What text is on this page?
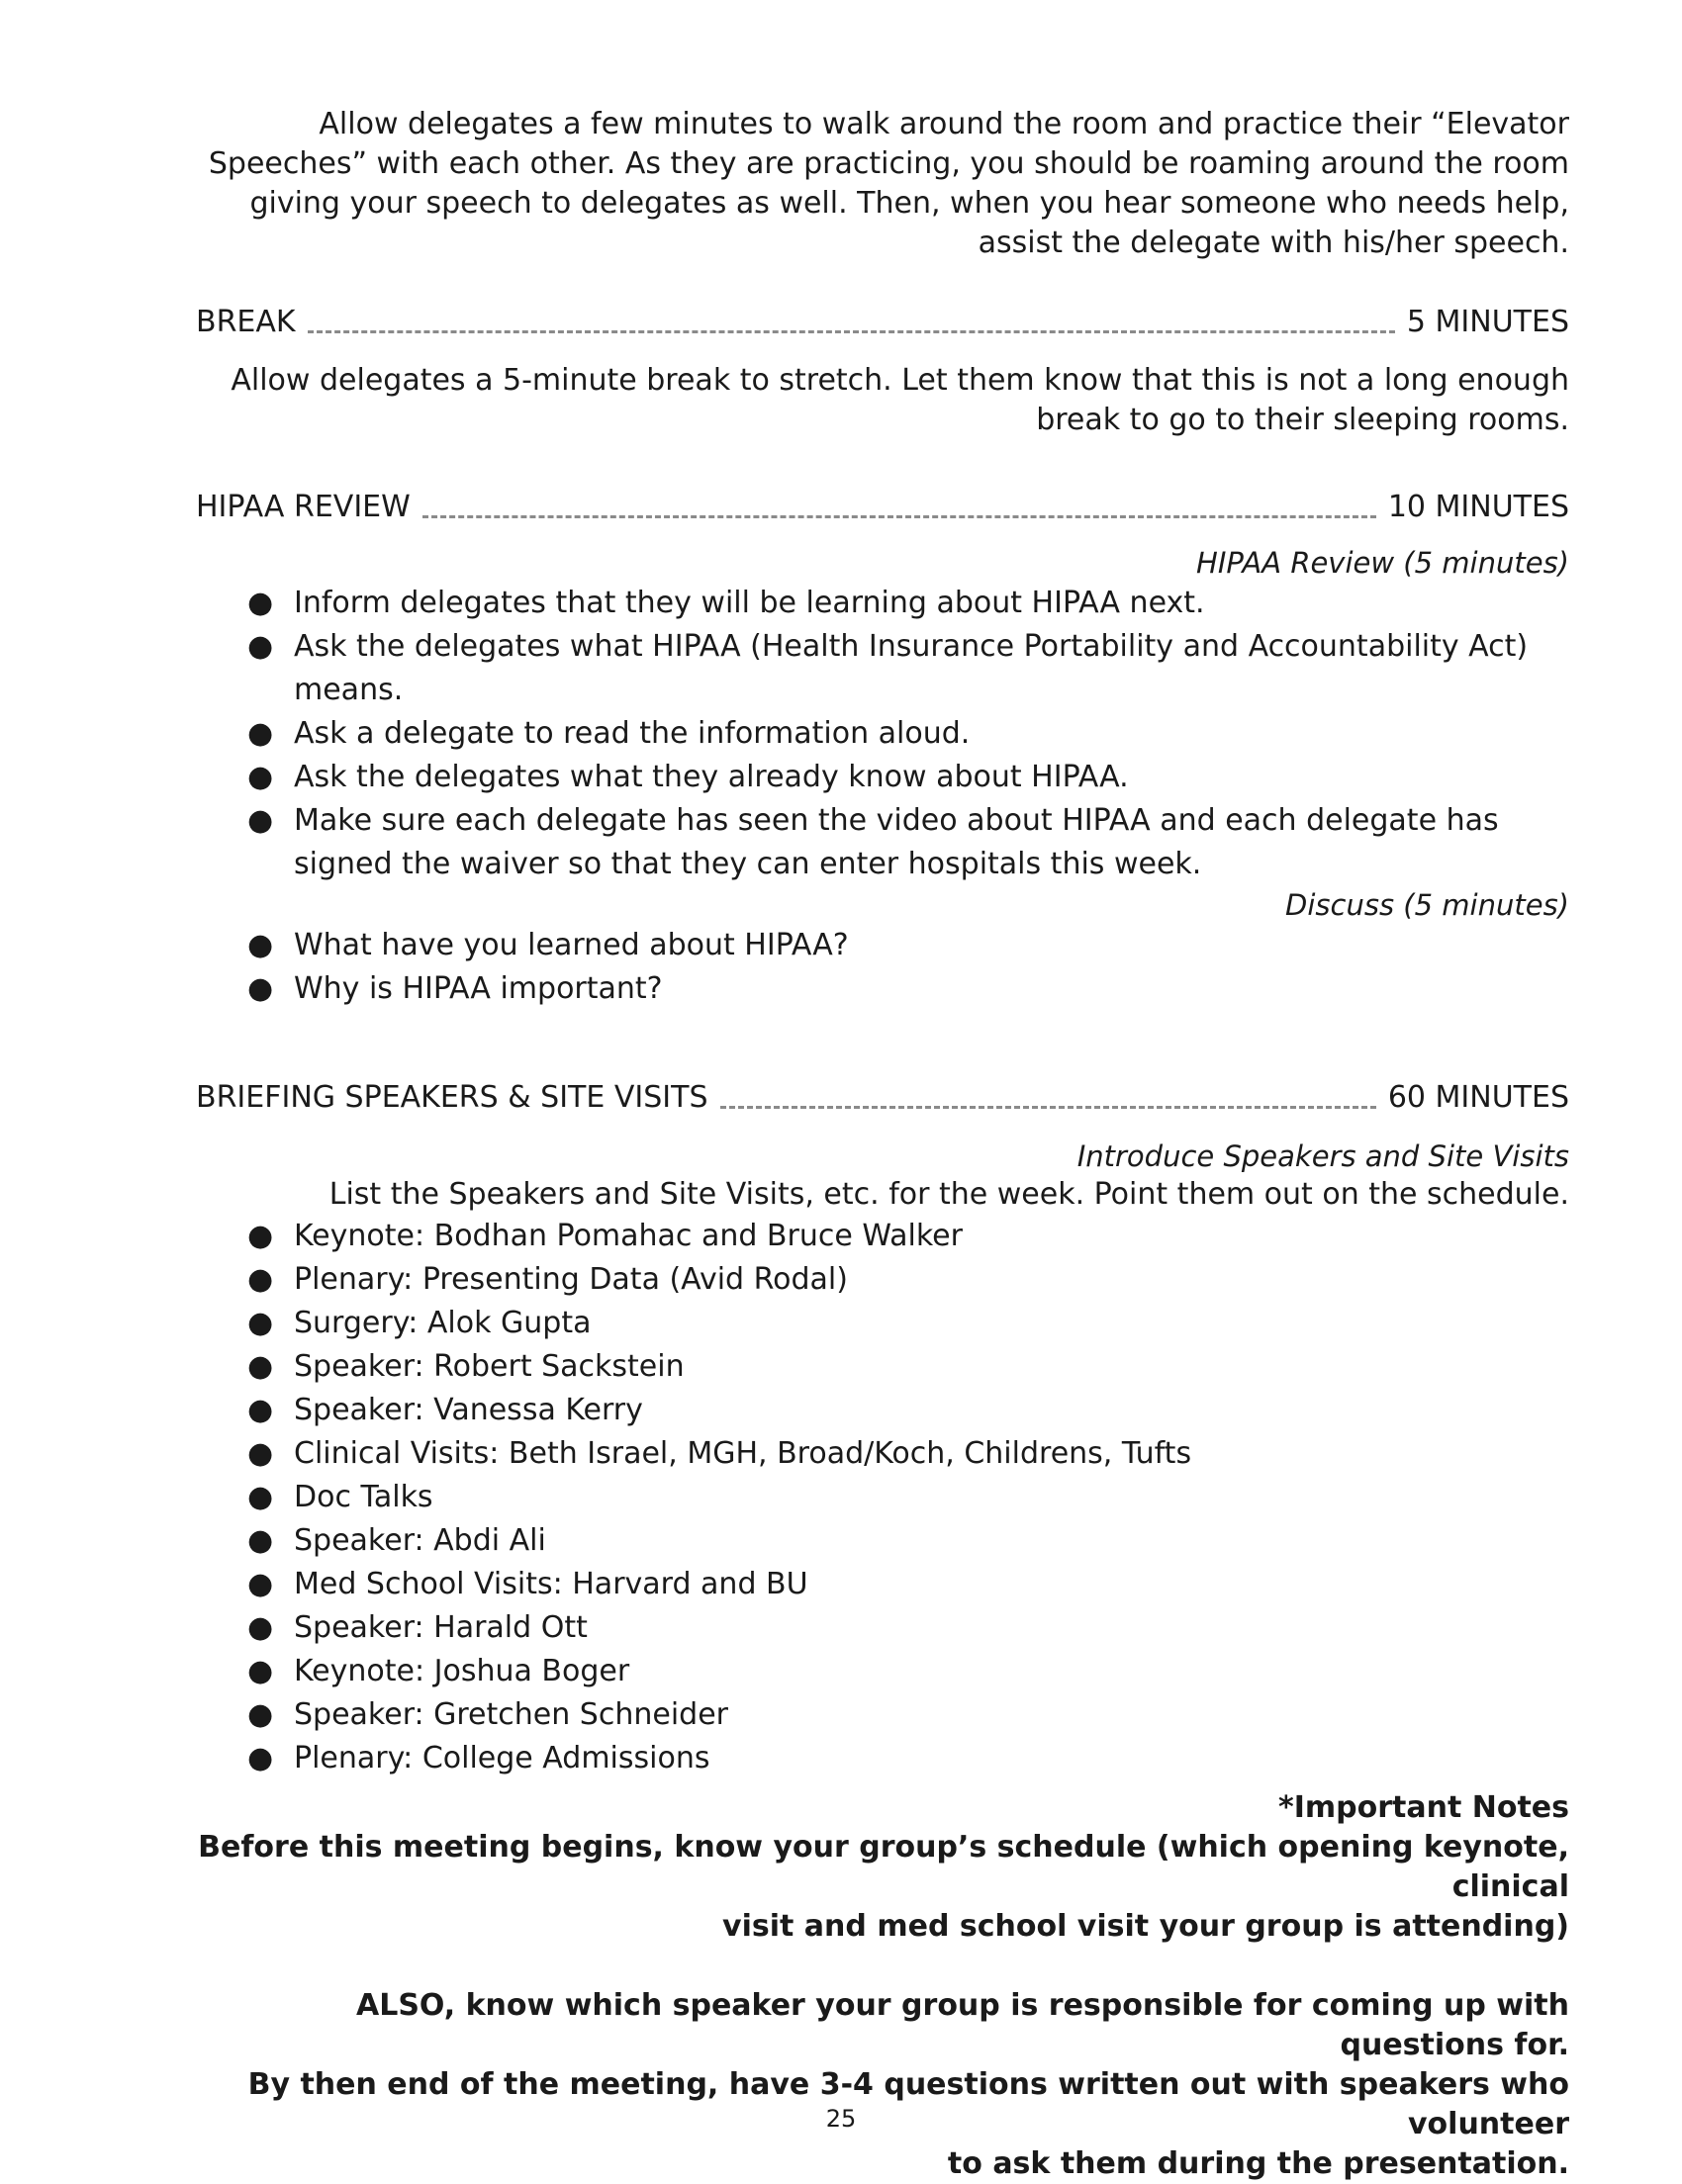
Allow delegates a few minutes to walk around the room and practice their “Elevator
Speeches” with each other. As they are practicing, you should be roaming around the room
giving your speech to delegates as well. Then, when you hear someone who needs help,
assist the delegate with his/her speech.
BREAK	5 MINUTES
Allow delegates a 5-minute break to stretch. Let them know that this is not a long enough
break to go to their sleeping rooms.
HIPAA REVIEW	10 MINUTES
HIPAA Review (5 minutes)
● Inform delegates that they will be learning about HIPAA next.
● Ask the delegates what HIPAA (Health Insurance Portability and Accountability Act) means.
● Ask a delegate to read the information aloud.
● Ask the delegates what they already know about HIPAA.
● Make sure each delegate has seen the video about HIPAA and each delegate has signed the waiver so that they can enter hospitals this week.
Discuss (5 minutes)
● What have you learned about HIPAA?
● Why is HIPAA important?
BRIEFING SPEAKERS & SITE VISITS	60 MINUTES
Introduce Speakers and Site Visits
List the Speakers and Site Visits, etc. for the week. Point them out on the schedule.
● Keynote: Bodhan Pomahac and Bruce Walker
● Plenary: Presenting Data (Avid Rodal)
● Surgery: Alok Gupta
● Speaker: Robert Sackstein
● Speaker: Vanessa Kerry
● Clinical Visits: Beth Israel, MGH, Broad/Koch, Childrens, Tufts
● Doc Talks
● Speaker: Abdi Ali
● Med School Visits: Harvard and BU
● Speaker: Harald Ott
● Keynote: Joshua Boger
● Speaker: Gretchen Schneider
● Plenary: College Admissions
*Important Notes
Before this meeting begins, know your group’s schedule (which opening keynote, clinical
visit and med school visit your group is attending)
ALSO, know which speaker your group is responsible for coming up with questions for.
By then end of the meeting, have 3-4 questions written out with speakers who volunteer
to ask them during the presentation.
25
